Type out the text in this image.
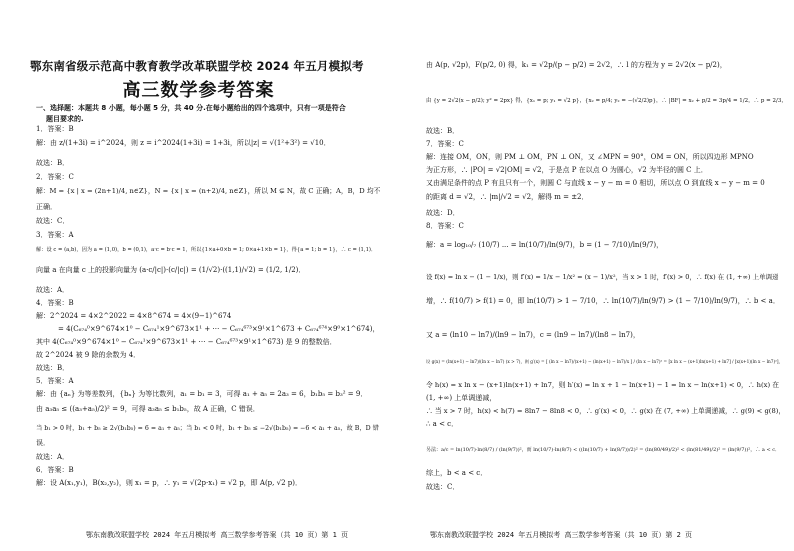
鄂东南省级示范高中教育教学改革联盟学校 2024 年五月模拟考
高三数学参考答案
一、选择题：本题共 8 小题，每小题 5 分，共 40 分.在每小题给出的四个选项中，只有一项是符合
题目要求的.
1．答案：B
解：由 z/(1+3i) = i^2024，则 z = i^2024(1+3i) = 1+3i，所以|z| = √(1²+3²) = √10．
故选：B．
2．答案：C
解：M = {x | x = (2n+1)/4, n∈Z}，N = {x | x = (n+2)/4, n∈Z}，所以 M ⊊ N，故 C 正确；A，B，D 均不
正确．
故选：C．
3．答案：A
解：设 c = (a,b)，因为 a = (1,0)，b = (0,1)，a·c = b·c = 1，所以{1×a+0×b = 1; 0×a+1×b = 1}，得{a = 1; b = 1}，∴ c = (1,1)．
向量 a 在向量 c 上的投影向量为 (a·c/|c|)·(c/|c|) = (1/√2)·((1,1)/√2) = (1/2, 1/2)．
故选：A．
4．答案：B
解：2^2024 = 4×2^2022 = 4×8^674 = 4×(9−1)^674
= 4(C₆₇₄⁰×9^674×1⁰ − C₆₇₄¹×9^673×1¹ + ⋯ − C₆₇₄⁶⁷³×9¹×1^673 + C₆₇₄⁶⁷⁴×9⁰×1^674)，
其中 4(C₆₇₄⁰×9^674×1⁰ − C₆₇₄¹×9^673×1¹ + ⋯ − C₆₇₄⁶⁷³×9¹×1^673) 是 9 的整数倍．
故 2^2024 被 9 除的余数为 4．
故选：B．
5．答案：A
解：由 {aₙ} 为等差数列，{bₙ} 为等比数列，a₁ = b₁ = 3，可得 a₁ + a₅ = 2a₃ = 6，b₁b₅ = b₃² = 9．
由 a₃a₅ ≤ ((a₃+a₅)/2)² = 9，可得 a₃a₅ ≤ b₁b₅，故 A 正确，C 错误．
当 b₁ > 0 时，b₁ + b₅ ≥ 2√(b₁b₅) = 6 = a₁ + a₅；当 b₁ < 0 时，b₁ + b₅ ≤ −2√(b₁b₅) = −6 < a₁ + a₅，故 B，D 错
误．
故选：A．
6．答案：B
解：设 A(x₁,y₁)，B(x₂,y₂)，则 x₁ = p，∴ y₁ = √(2p·x₁) = √2 p，即 A(p, √2 p)．
由 A(p, √2p)，F(p/2, 0) 得，k₁ = √2p/(p − p/2) = 2√2，∴ l 的方程为 y = 2√2(x − p/2)，
由 {y = 2√2(x − p/2); y² = 2px} 得，{x₁ = p; y₁ = √2 p}，{x₂ = p/4; y₂ = −(√2/2)p}，∴ |BF| = x₂ + p/2 = 3p/4 = 1/2，∴ p = 2/3，
故选：B．
7．答案：C
解：连接 OM，ON，则 PM ⊥ OM，PN ⊥ ON，又 ∠MPN = 90°，OM = ON，所以四边形 MPNO
为正方形，∴ |PO| = √2|OM| = √2，于是点 P 在以点 O 为圆心，√2 为半径的圆 C 上．
又由满足条件的点 P 有且只有一个，则圆 C 与直线 x − y − m = 0 相切，所以点 O 到直线 x − y − m = 0
的距离 d = √2，∴ |m|/√2 = √2，解得 m = ±2．
故选：D．
8．答案：C
解：a = log₁₀/₇ (10/7) ... = ln(10/7)/ln(9/7)，b = (1 − 7/10)/ln(9/7)，
设 f(x) = ln x − (1 − 1/x)，则 f′(x) = 1/x − 1/x² = (x − 1)/x²，当 x > 1 时，f′(x) > 0，∴ f(x) 在 (1, +∞) 上单调递
增，∴ f(10/7) > f(1) = 0，即 ln(10/7) > 1 − 7/10，∴ ln(10/7)/ln(9/7) > (1 − 7/10)/ln(9/7)，∴ b < a．
又 a = (ln10 − ln7)/(ln9 − ln7)，c = (ln9 − ln7)/(ln8 − ln7)，
设 g(x) = (ln(x+1) − ln7)/(ln x − ln7) (x > 7)，则 g′(x) = [ (ln x − ln7)/(x+1) − (ln(x+1) − ln7)/x ] / (ln x − ln7)² = [x ln x − (x+1)ln(x+1) + ln7] / [x(x+1)(ln x − ln7)²]，
令 h(x) = x ln x − (x+1)ln(x+1) + ln7，则 h′(x) = ln x + 1 − ln(x+1) − 1 = ln x − ln(x+1) < 0，∴ h(x) 在
(1, +∞) 上单调递减，
∴ 当 x > 7 时，h(x) < h(7) = 8ln7 − 8ln8 < 0，∴ g′(x) < 0，∴ g(x) 在 (7, +∞) 上单调递减，∴ g(9) < g(8)，
∴ a < c．
另法：a/c = ln(10/7)·ln(8/7) / (ln(9/7))²，而 ln(10/7)·ln(8/7) < ((ln(10/7) + ln(8/7))/2)² = (ln(80/49)/2)² < (ln(81/49)/2)² = (ln(9/7))²，∴ a < c．
综上，b < a < c．
故选：C．
鄂东南教改联盟学校 2024 年五月模拟考 高三数学参考答案（共 10 页）第 1 页	鄂东南教改联盟学校 2024 年五月模拟考 高三数学参考答案（共 10 页）第 2 页
